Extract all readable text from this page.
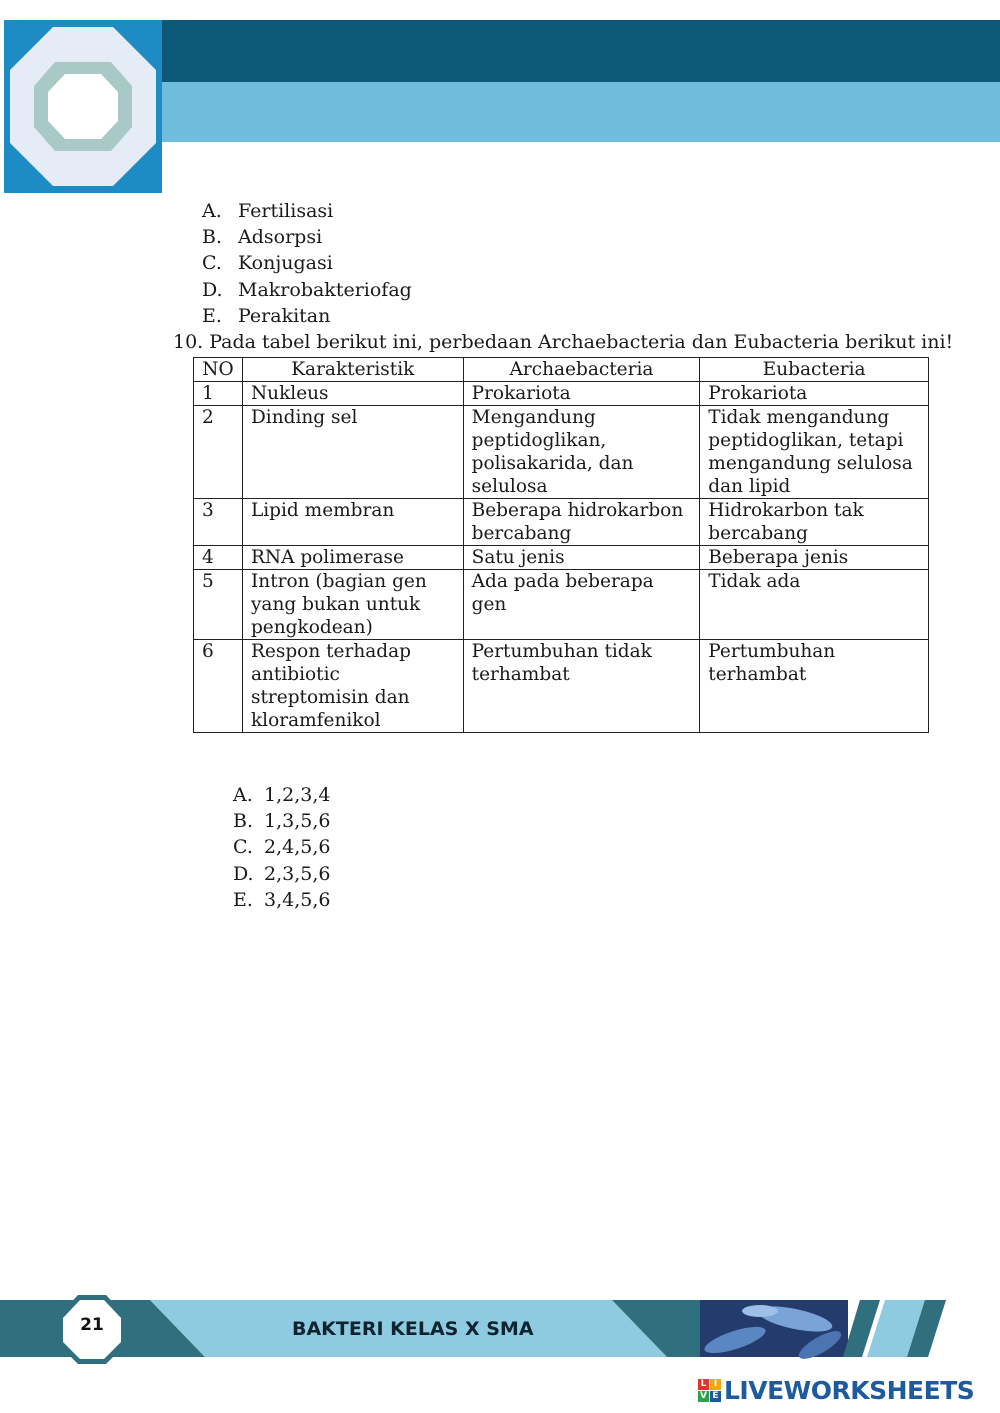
A. Fertilisasi
B. Adsorpsi
C. Konjugasi
D. Makrobakteriofag
E. Perakitan

10. Pada tabel berikut ini, perbedaan Archaebacteria dan Eubacteria berikut ini!

NO	Karakteristik	Archaebacteria	Eubacteria
1	Nukleus	Prokariota	Prokariota
2	Dinding sel	Mengandung peptidoglikan, polisakarida, dan selulosa	Tidak mengandung peptidoglikan, tetapi mengandung selulosa dan lipid
3	Lipid membran	Beberapa hidrokarbon bercabang	Hidrokarbon tak bercabang
4	RNA polimerase	Satu jenis	Beberapa jenis
5	Intron (bagian gen yang bukan untuk pengkodean)	Ada pada beberapa gen	Tidak ada
6	Respon terhadap antibiotic streptomisin dan kloramfenikol	Pertumbuhan tidak terhambat	Pertumbuhan terhambat
A. 1,2,3,4
B. 1,3,5,6
C. 2,4,5,6
D. 2,3,5,6
E. 3,4,5,6
21	BAKTERI KELAS X SMA
L I
V E LIVEWORKSHEETS
